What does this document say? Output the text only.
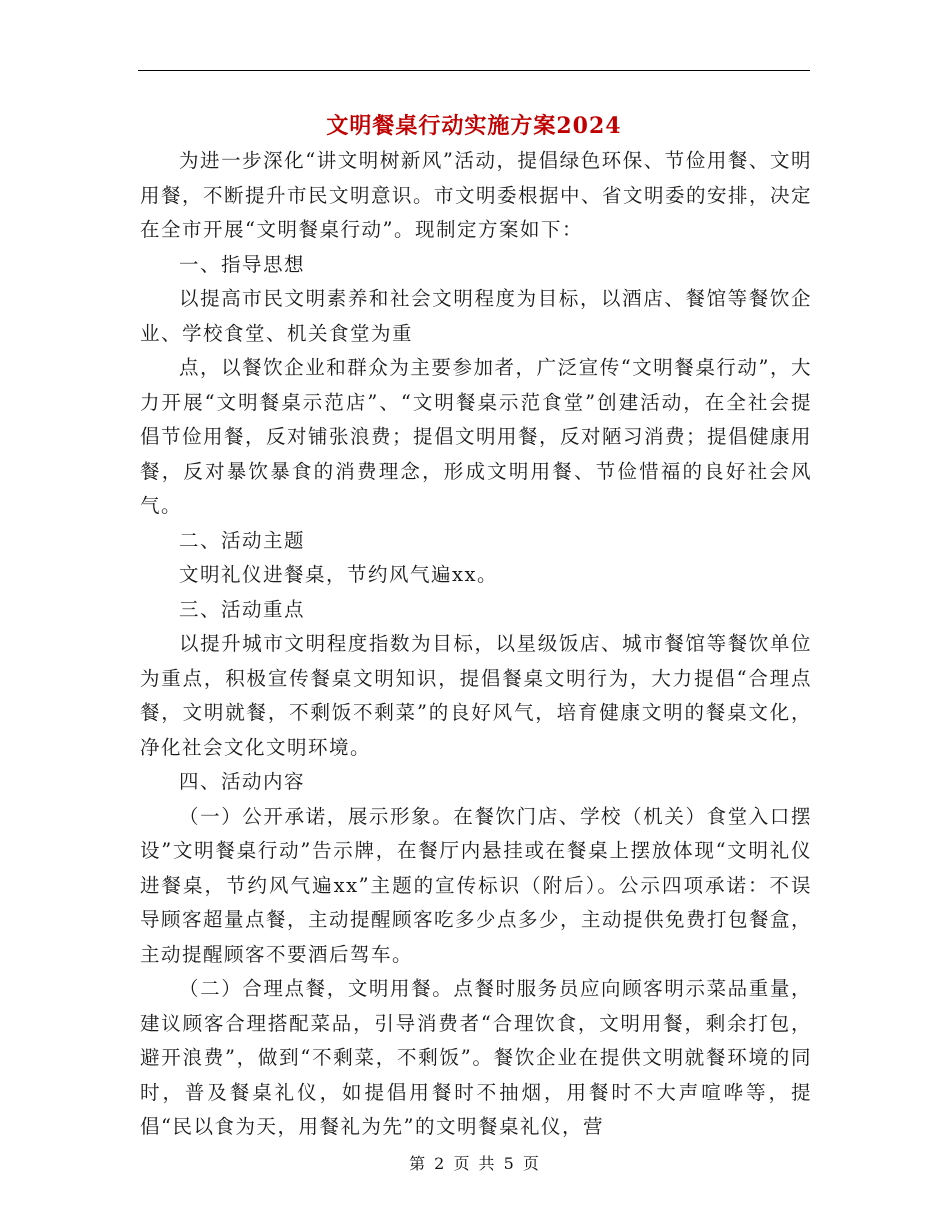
文明餐桌行动实施方案2024

为进一步深化“讲文明树新风”活动，提倡绿色环保、节俭用餐、文明用餐，不断提升市民文明意识。市文明委根据中、省文明委的安排，决定在全市开展“文明餐桌行动”。现制定方案如下：

一、指导思想

以提高市民文明素养和社会文明程度为目标，以酒店、餐馆等餐饮企业、学校食堂、机关食堂为重

点，以餐饮企业和群众为主要参加者，广泛宣传“文明餐桌行动”，大力开展“文明餐桌示范店”、“文明餐桌示范食堂”创建活动，在全社会提倡节俭用餐，反对铺张浪费；提倡文明用餐，反对陋习消费；提倡健康用餐，反对暴饮暴食的消费理念，形成文明用餐、节俭惜福的良好社会风气。

二、活动主题

文明礼仪进餐桌，节约风气遍xx。

三、活动重点

以提升城市文明程度指数为目标，以星级饭店、城市餐馆等餐饮单位为重点，积极宣传餐桌文明知识，提倡餐桌文明行为，大力提倡“合理点餐，文明就餐，不剩饭不剩菜”的良好风气，培育健康文明的餐桌文化，净化社会文化文明环境。

四、活动内容

（一）公开承诺，展示形象。在餐饮门店、学校（机关）食堂入口摆设”文明餐桌行动”告示牌，在餐厅内悬挂或在餐桌上摆放体现“文明礼仪进餐桌，节约风气遍xx”主题的宣传标识（附后）。公示四项承诺：不误导顾客超量点餐，主动提醒顾客吃多少点多少，主动提供免费打包餐盒，主动提醒顾客不要酒后驾车。

（二）合理点餐，文明用餐。点餐时服务员应向顾客明示菜品重量，建议顾客合理搭配菜品，引导消费者“合理饮食，文明用餐，剩余打包，避开浪费”，做到“不剩菜，不剩饭”。餐饮企业在提供文明就餐环境的同时，普及餐桌礼仪，如提倡用餐时不抽烟，用餐时不大声喧哗等，提倡“民以食为天，用餐礼为先”的文明餐桌礼仪，营

第 2 页 共 5 页
